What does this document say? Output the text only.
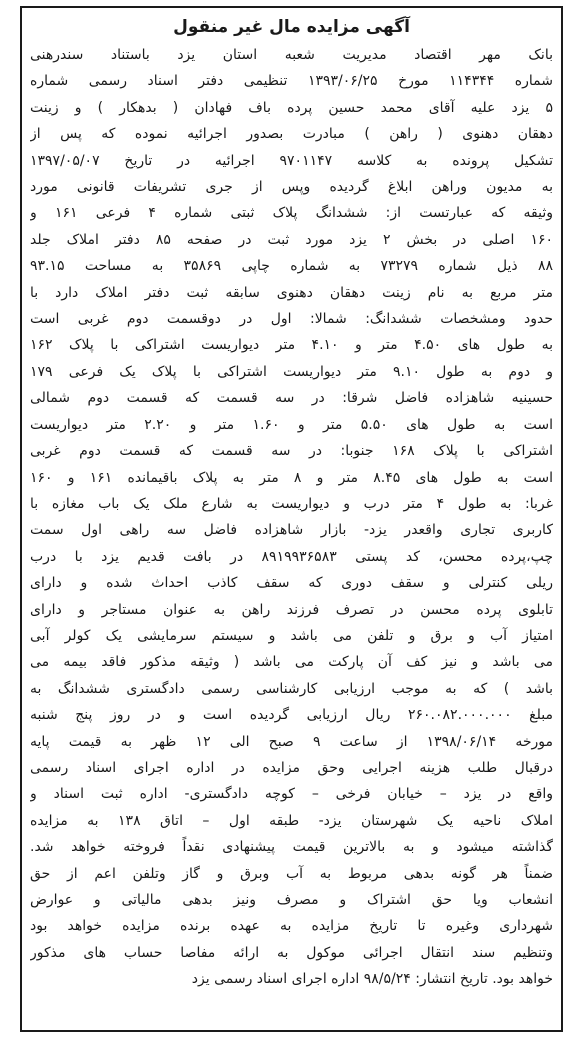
آگهی مزایده مال غیر منقول
بانک مهر اقتصاد مدیریت شعبه استان یزد باستناد سندرهنی
شماره ۱۱۴۳۴۴ مورخ ۱۳۹۳/۰۶/۲۵ تنظیمی دفتر اسناد رسمی شماره
۵ یزد علیه آقای محمد حسین پرده باف فهادان ( بدهکار ) و زینت
دهقان دهنوی ( راهن ) مبادرت بصدور اجرائیه نموده که پس از
تشکیل پرونده به کلاسه ۹۷۰۱۱۴۷ اجرائیه در تاریخ ۱۳۹۷/۰۵/۰۷
به مدیون وراهن ابلاغ گردیده وپس از جری تشریفات قانونی مورد
وثیقه که عبارتست از: ششدانگ پلاک ثبتی شماره ۴ فرعی ۱۶۱ و
۱۶۰ اصلی در بخش ۲ یزد مورد ثبت در صفحه ۸۵ دفتر املاک جلد
۸۸ ذیل شماره ۷۳۲۷۹ به شماره چاپی ۳۵۸۶۹ به مساحت ۹۳.۱۵
متر مربع به نام زینت دهقان دهنوی سابقه ثبت دفتر املاک دارد با
حدود ومشخصات ششدانگ: شمالا: اول در دوقسمت دوم غربی است
به طول های ۴.۵۰ متر و ۴.۱۰ متر دیواریست اشتراکی با پلاک ۱۶۲
و دوم به طول ۹.۱۰ متر دیواریست اشتراکی با پلاک یک فرعی ۱۷۹
حسینیه شاهزاده فاضل شرقا: در سه قسمت که قسمت دوم شمالی
است به طول های ۵.۵۰ متر و ۱.۶۰ متر و ۲.۲۰ متر دیواریست
اشتراکی با پلاک ۱۶۸ جنوبا: در سه قسمت که قسمت دوم غربی
است به طول های ۸.۴۵ متر و ۸ متر به پلاک باقیمانده ۱۶۱ و ۱۶۰
غربا: به طول ۴ متر درب و دیواریست به شارع ملک یک باب مغازه با
کاربری تجاری واقعدر یزد- بازار شاهزاده فاضل سه راهی اول سمت
چپ،پرده محسن، کد پستی ۸۹۱۹۹۳۶۵۸۳ در بافت قدیم یزد با درب
ریلی کنترلی و سقف دوری که سقف کاذب احداث شده و دارای
تابلوی پرده محسن در تصرف فرزند راهن به عنوان مستاجر و دارای
امتیاز آب و برق و تلفن می باشد و سیستم سرمایشی یک کولر آبی
می باشد و نیز کف آن پارکت می باشد ( وثیقه مذکور فاقد بیمه می
باشد ) که به موجب ارزیابی کارشناسی رسمی دادگستری ششدانگ به
مبلغ ۲۶۰.۰۸۲.۰۰۰.۰۰۰ ریال ارزیابی گردیده است و در روز پنج شنبه
مورخه ۱۳۹۸/۰۶/۱۴ از ساعت ۹ صبح الی ۱۲ ظهر به قیمت پایه
درقبال طلب هزینه اجرایی وحق مزایده در اداره اجرای اسناد رسمی
واقع در یزد – خیابان فرخی – کوچه دادگستری- اداره ثبت اسناد و
املاک ناحیه یک شهرستان یزد- طبقه اول – اتاق ۱۳۸ به مزایده
گذاشته میشود و به بالاترین قیمت پیشنهادی نقداً فروخته خواهد شد.
ضمناً هر گونه بدهی مربوط به آب وبرق و گاز وتلفن اعم از حق
انشعاب ویا حق اشتراک و مصرف ونیز بدهی مالیاتی و عوارض
شهرداری وغیره تا تاریخ مزایده به عهده برنده مزایده خواهد بود
وتنظیم سند انتقال اجرائی موکول به ارائه مفاصا حساب های مذکور
خواهد بود. تاریخ انتشار: ۹۸/۵/۲۴ اداره اجرای اسناد رسمی یزد
